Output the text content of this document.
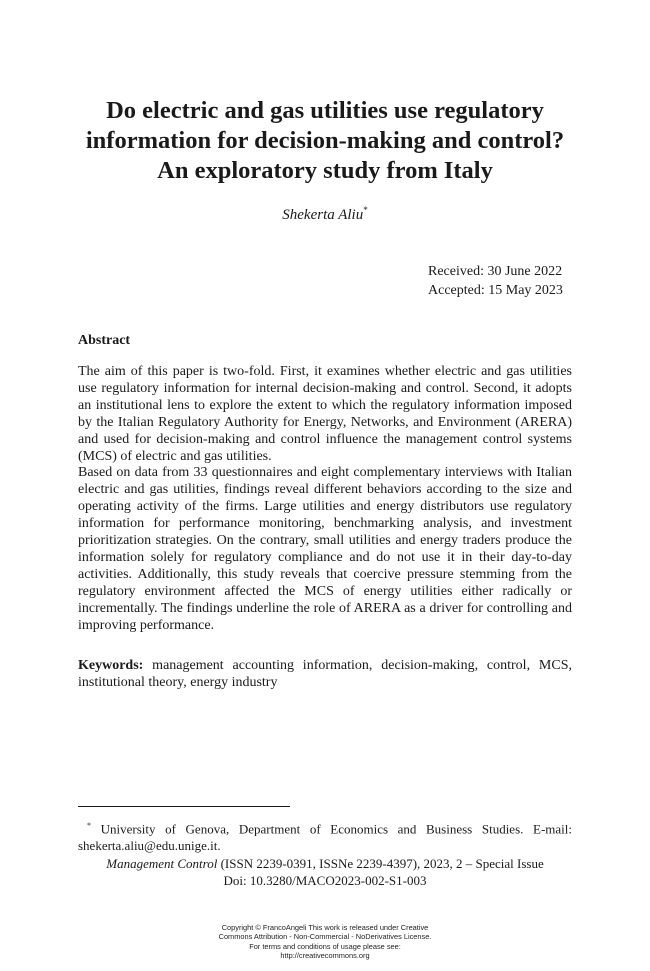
Do electric and gas utilities use regulatory
information for decision-making and control?
An exploratory study from Italy
Shekerta Aliu*
Received: 30 June 2022
Accepted: 15 May 2023
Abstract

The aim of this paper is two-fold. First, it examines whether electric and gas utilities use regulatory information for internal decision-making and control. Second, it adopts an institutional lens to explore the extent to which the regulatory information imposed by the Italian Regulatory Authority for Energy, Networks, and Environment (ARERA) and used for decision-making and control influence the management control systems (MCS) of electric and gas utilities.

Based on data from 33 questionnaires and eight complementary interviews with Italian electric and gas utilities, findings reveal different behaviors according to the size and operating activity of the firms. Large utilities and energy distributors use regulatory information for performance monitoring, benchmarking analysis, and investment prioritization strategies. On the contrary, small utilities and energy traders produce the information solely for regulatory compliance and do not use it in their day-to-day activities. Additionally, this study reveals that coercive pressure stemming from the regulatory environment affected the MCS of energy utilities either radically or incrementally. The findings underline the role of ARERA as a driver for controlling and improving performance.

Keywords: management accounting information, decision-making, control, MCS, institutional theory, energy industry

* University of Genova, Department of Economics and Business Studies. E-mail: shekerta.aliu@edu.unige.it.

Management Control (ISSN 2239-0391, ISSNe 2239-4397), 2023, 2 – Special Issue
Doi: 10.3280/MACO2023-002-S1-003
Copyright © FrancoAngeli This work is released under Creative
Commons Attribution - Non-Commercial - NoDerivatives License.
For terms and conditions of usage please see:
http://creativecommons.org
